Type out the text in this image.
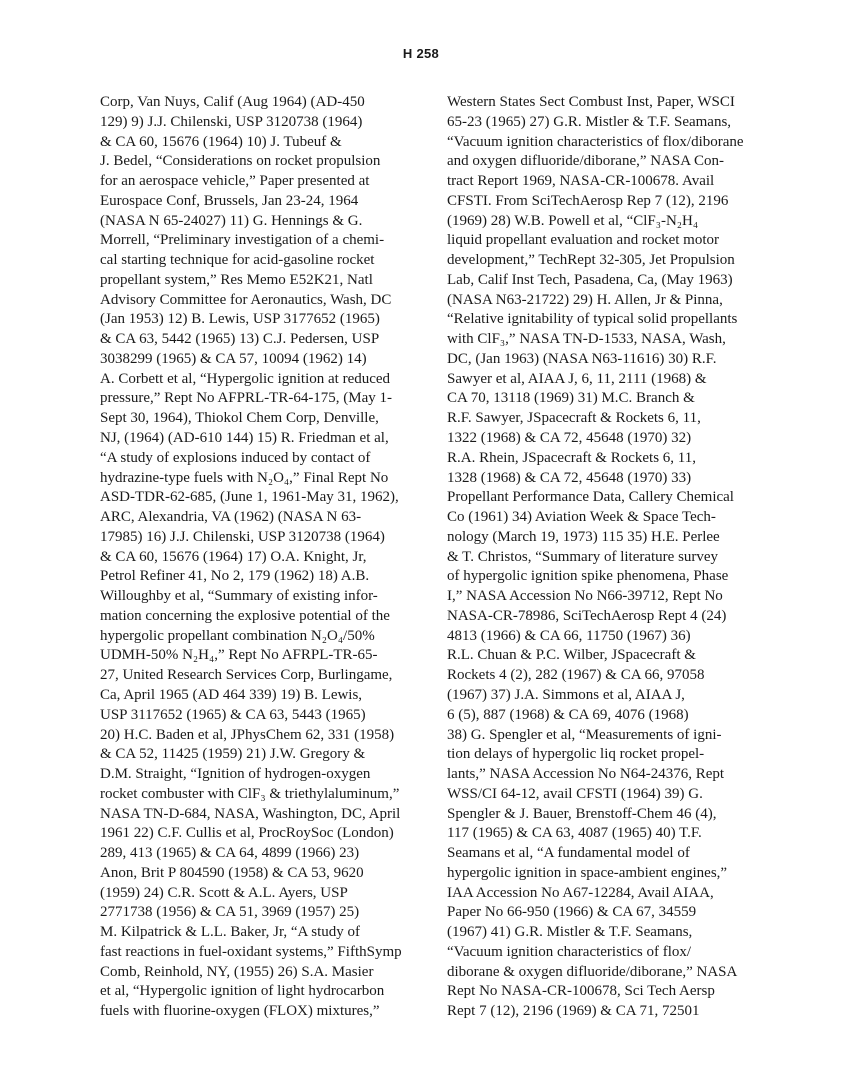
H 258
Corp, Van Nuys, Calif (Aug 1964) (AD-450
129) 9) J.J. Chilenski, USP 3120738 (1964)
& CA 60, 15676 (1964) 10) J. Tubeuf &
J. Bedel, “Considerations on rocket propulsion
for an aerospace vehicle,” Paper presented at
Eurospace Conf, Brussels, Jan 23-24, 1964
(NASA N 65-24027) 11) G. Hennings & G.
Morrell, “Preliminary investigation of a chemi-
cal starting technique for acid-gasoline rocket
propellant system,” Res Memo E52K21, Natl
Advisory Committee for Aeronautics, Wash, DC
(Jan 1953) 12) B. Lewis, USP 3177652 (1965)
& CA 63, 5442 (1965) 13) C.J. Pedersen, USP
3038299 (1965) & CA 57, 10094 (1962) 14)
A. Corbett et al, “Hypergolic ignition at reduced
pressure,” Rept No AFPRL-TR-64-175, (May 1-
Sept 30, 1964), Thiokol Chem Corp, Denville,
NJ, (1964) (AD-610 144) 15) R. Friedman et al,
“A study of explosions induced by contact of
hydrazine-type fuels with N₂O₄,” Final Rept No
ASD-TDR-62-685, (June 1, 1961-May 31, 1962),
ARC, Alexandria, VA (1962) (NASA N 63-
17985) 16) J.J. Chilenski, USP 3120738 (1964)
& CA 60, 15676 (1964) 17) O.A. Knight, Jr,
Petrol Refiner 41, No 2, 179 (1962) 18) A.B.
Willoughby et al, “Summary of existing infor-
mation concerning the explosive potential of the
hypergolic propellant combination N₂O₄/50%
UDMH-50% N₂H₄,” Rept No AFRPL-TR-65-
27, United Research Services Corp, Burlingame,
Ca, April 1965 (AD 464 339) 19) B. Lewis,
USP 3117652 (1965) & CA 63, 5443 (1965)
20) H.C. Baden et al, JPhysChem 62, 331 (1958)
& CA 52, 11425 (1959) 21) J.W. Gregory &
D.M. Straight, “Ignition of hydrogen-oxygen
rocket combuster with ClF₃ & triethylaluminum,”
NASA TN-D-684, NASA, Washington, DC, April
1961 22) C.F. Cullis et al, ProcRoySoc (London)
289, 413 (1965) & CA 64, 4899 (1966) 23)
Anon, Brit P 804590 (1958) & CA 53, 9620
(1959) 24) C.R. Scott & A.L. Ayers, USP
2771738 (1956) & CA 51, 3969 (1957) 25)
M. Kilpatrick & L.L. Baker, Jr, “A study of
fast reactions in fuel-oxidant systems,” FifthSymp
Comb, Reinhold, NY, (1955) 26) S.A. Masier
et al, “Hypergolic ignition of light hydrocarbon
fuels with fluorine-oxygen (FLOX) mixtures,”
Western States Sect Combust Inst, Paper, WSCI
65-23 (1965) 27) G.R. Mistler & T.F. Seamans,
“Vacuum ignition characteristics of flox/diborane
and oxygen difluoride/diborane,” NASA Con-
tract Report 1969, NASA-CR-100678. Avail
CFSTI. From SciTechAerosp Rep 7 (12), 2196
(1969) 28) W.B. Powell et al, “ClF₃-N₂H₄
liquid propellant evaluation and rocket motor
development,” TechRept 32-305, Jet Propulsion
Lab, Calif Inst Tech, Pasadena, Ca, (May 1963)
(NASA N63-21722) 29) H. Allen, Jr & Pinna,
“Relative ignitability of typical solid propellants
with ClF₃,” NASA TN-D-1533, NASA, Wash,
DC, (Jan 1963) (NASA N63-11616) 30) R.F.
Sawyer et al, AIAA J, 6, 11, 2111 (1968) &
CA 70, 13118 (1969) 31) M.C. Branch &
R.F. Sawyer, JSpacecraft & Rockets 6, 11,
1322 (1968) & CA 72, 45648 (1970) 32)
R.A. Rhein, JSpacecraft & Rockets 6, 11,
1328 (1968) & CA 72, 45648 (1970) 33)
Propellant Performance Data, Callery Chemical
Co (1961) 34) Aviation Week & Space Tech-
nology (March 19, 1973) 115 35) H.E. Perlee
& T. Christos, “Summary of literature survey
of hypergolic ignition spike phenomena, Phase
I,” NASA Accession No N66-39712, Rept No
NASA-CR-78986, SciTechAerosp Rept 4 (24)
4813 (1966) & CA 66, 11750 (1967) 36)
R.L. Chuan & P.C. Wilber, JSpacecraft &
Rockets 4 (2), 282 (1967) & CA 66, 97058
(1967) 37) J.A. Simmons et al, AIAA J,
6 (5), 887 (1968) & CA 69, 4076 (1968)
38) G. Spengler et al, “Measurements of igni-
tion delays of hypergolic liq rocket propel-
lants,” NASA Accession No N64-24376, Rept
WSS/CI 64-12, avail CFSTI (1964) 39) G.
Spengler & J. Bauer, Brenstoff-Chem 46 (4),
117 (1965) & CA 63, 4087 (1965) 40) T.F.
Seamans et al, “A fundamental model of
hypergolic ignition in space-ambient engines,”
IAA Accession No A67-12284, Avail AIAA,
Paper No 66-950 (1966) & CA 67, 34559
(1967) 41) G.R. Mistler & T.F. Seamans,
“Vacuum ignition characteristics of flox/
diborane & oxygen difluoride/diborane,” NASA
Rept No NASA-CR-100678, Sci Tech Aersp
Rept 7 (12), 2196 (1969) & CA 71, 72501
